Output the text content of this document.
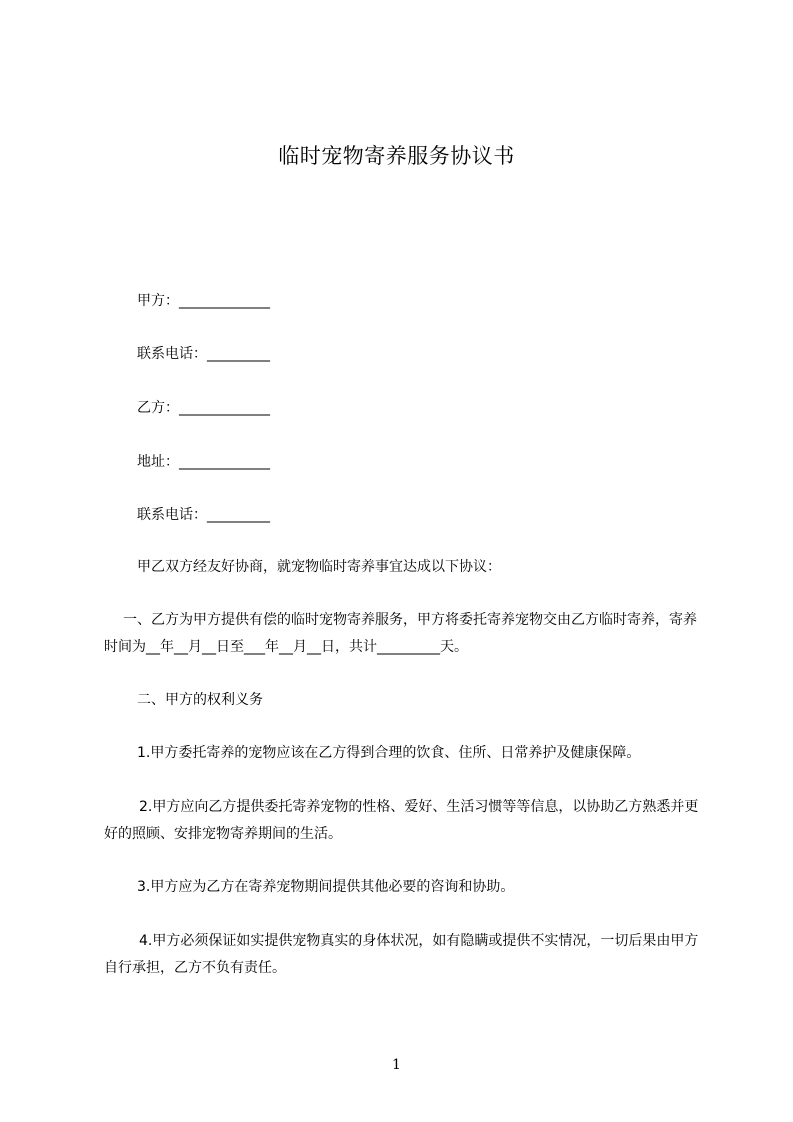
临时宠物寄养服务协议书
甲方：_____________
联系电话：_________
乙方：_____________
地址：_____________
联系电话：_________
甲乙双方经友好协商，就宠物临时寄养事宜达成以下协议：
一、乙方为甲方提供有偿的临时宠物寄养服务，甲方将委托寄养宠物交由乙方临时寄养，寄养时间为__年__月__日至___年__月__日，共计_________天。
二、甲方的权利义务
1.甲方委托寄养的宠物应该在乙方得到合理的饮食、住所、日常养护及健康保障。
2.甲方应向乙方提供委托寄养宠物的性格、爱好、生活习惯等等信息，以协助乙方熟悉并更好的照顾、安排宠物寄养期间的生活。
3.甲方应为乙方在寄养宠物期间提供其他必要的咨询和协助。
4.甲方必须保证如实提供宠物真实的身体状况，如有隐瞒或提供不实情况，一切后果由甲方自行承担，乙方不负有责任。
1
